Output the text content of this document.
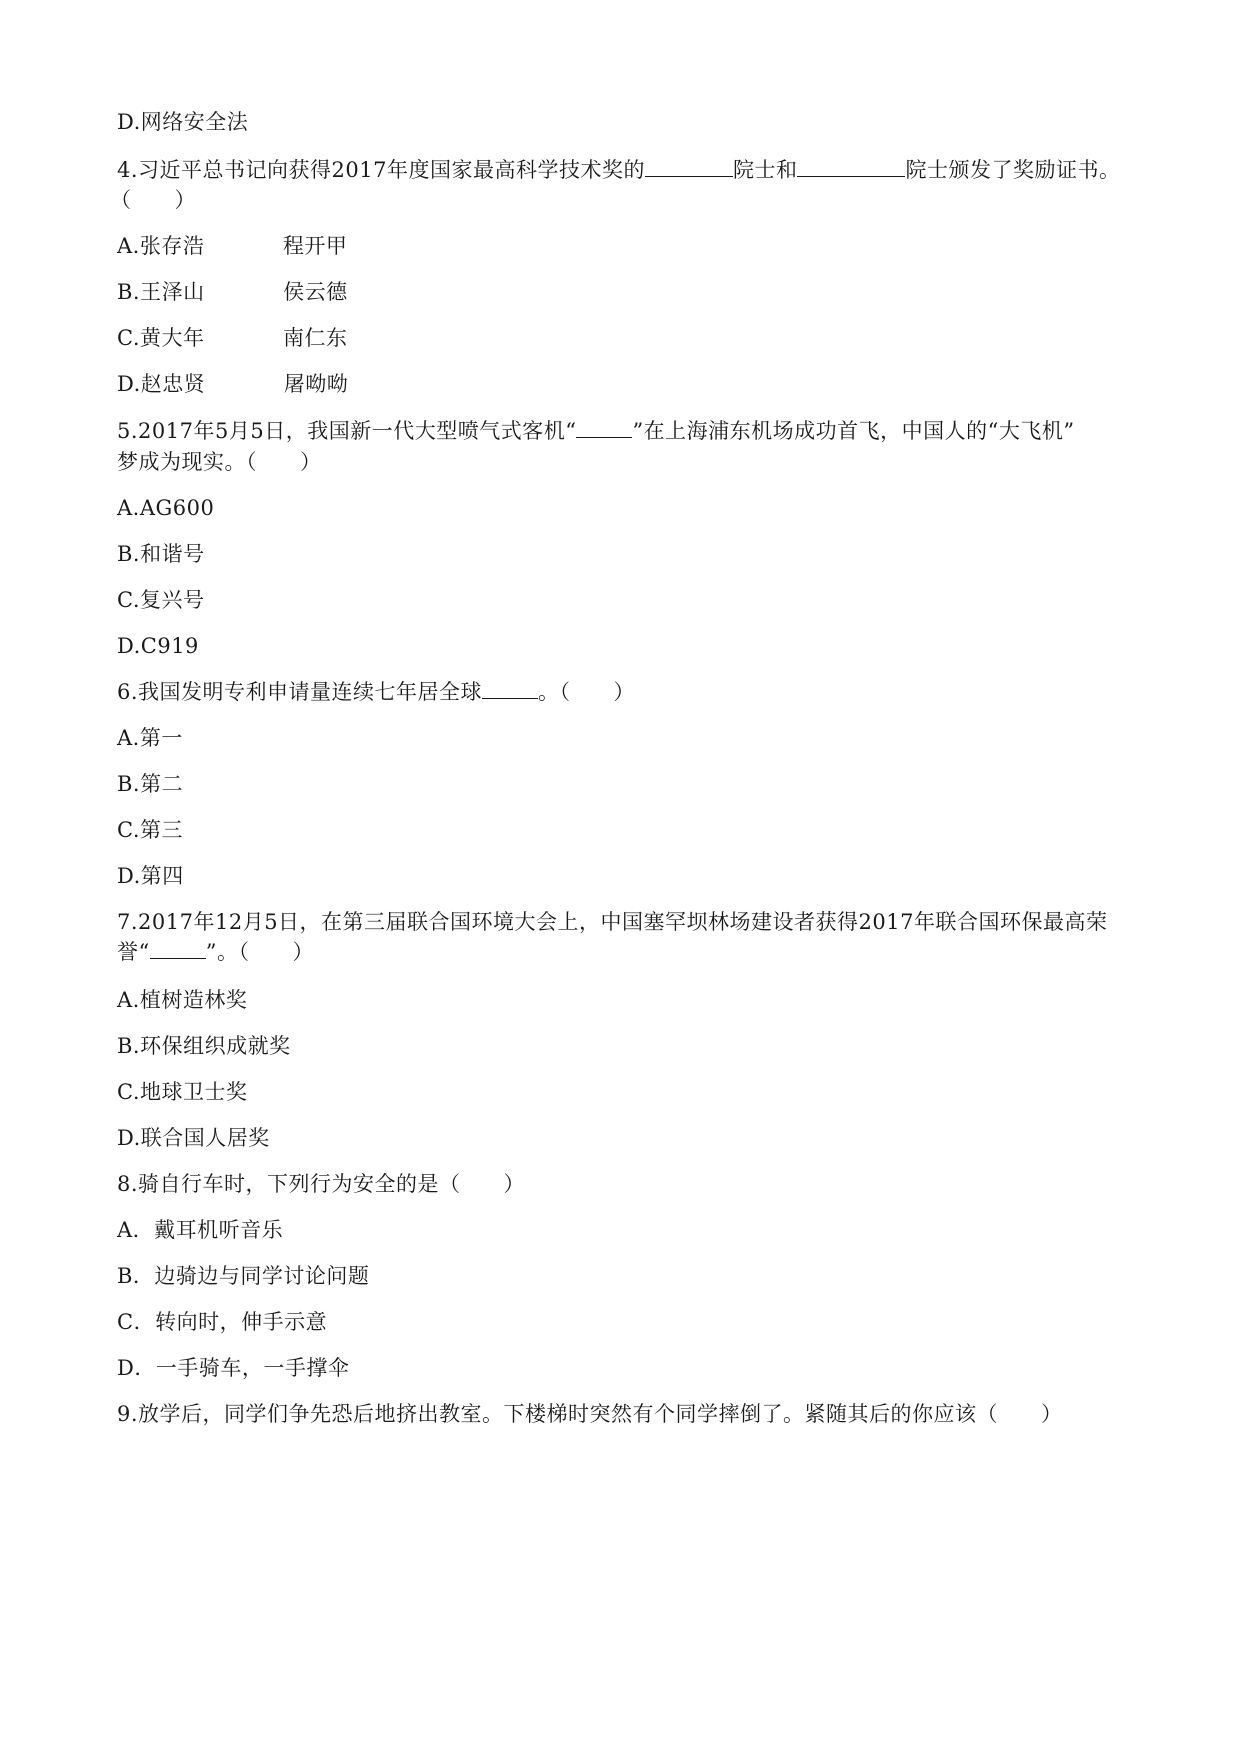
D.网络安全法
4.习近平总书记向获得2017年度国家最高科学技术奖的	院士和	院士颁发了奖励证书。
（　　）
A. 张存浩	程开甲
B. 王泽山	侯云德
C. 黄大年	南仁东
D. 赵忠贤	屠呦呦
5.2017年5月5日，我国新一代大型喷气式客机“	”在上海浦东机场成功首飞，中国人的“大飞机”
梦成为现实。（　　）
A.AG600
B.和谐号
C.复兴号
D.C919
6.我国发明专利申请量连续七年居全球	。（　　）
A.第一
B.第二
C.第三
D.第四
7.2017年12月5日，在第三届联合国环境大会上，中国塞罕坝林场建设者获得2017年联合国环保最高荣
誉“	”。（　　）
A.植树造林奖
B.环保组织成就奖
C.地球卫士奖
D.联合国人居奖
8.骑自行车时，下列行为安全的是（　　）
A．戴耳机听音乐
B．边骑边与同学讨论问题
C．转向时，伸手示意
D．一手骑车，一手撑伞
9.放学后，同学们争先恐后地挤出教室。下楼梯时突然有个同学摔倒了。紧随其后的你应该（　　）
